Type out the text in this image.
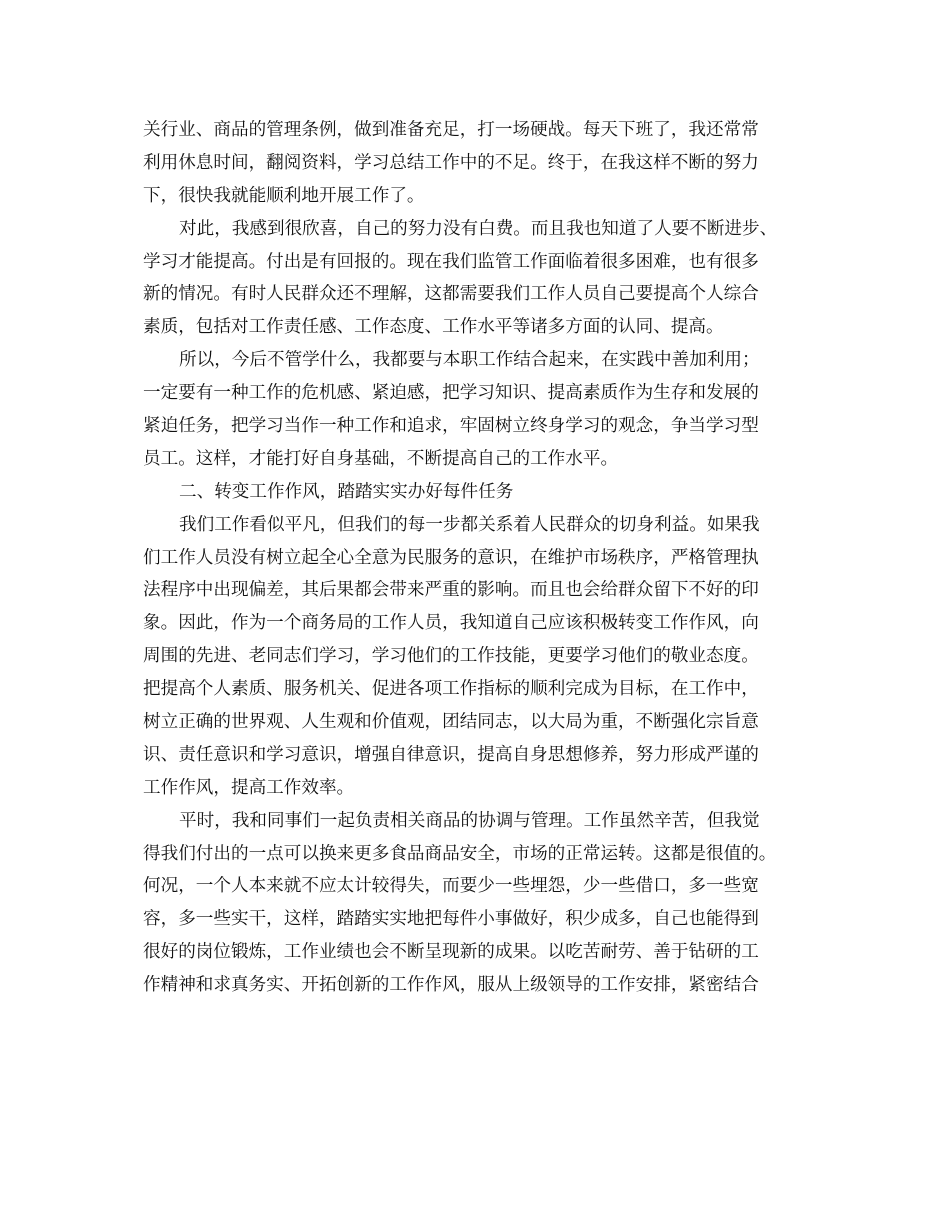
关行业、商品的管理条例，做到准备充足，打一场硬战。每天下班了，我还常常
利用休息时间，翻阅资料，学习总结工作中的不足。终于，在我这样不断的努力
下，很快我就能顺利地开展工作了。
对此，我感到很欣喜，自己的努力没有白费。而且我也知道了人要不断进步、
学习才能提高。付出是有回报的。现在我们监管工作面临着很多困难，也有很多
新的情况。有时人民群众还不理解，这都需要我们工作人员自己要提高个人综合
素质，包括对工作责任感、工作态度、工作水平等诸多方面的认同、提高。
所以，今后不管学什么，我都要与本职工作结合起来，在实践中善加利用；
一定要有一种工作的危机感、紧迫感，把学习知识、提高素质作为生存和发展的
紧迫任务，把学习当作一种工作和追求，牢固树立终身学习的观念，争当学习型
员工。这样，才能打好自身基础，不断提高自己的工作水平。
二、转变工作作风，踏踏实实办好每件任务
我们工作看似平凡，但我们的每一步都关系着人民群众的切身利益。如果我
们工作人员没有树立起全心全意为民服务的意识，在维护市场秩序，严格管理执
法程序中出现偏差，其后果都会带来严重的影响。而且也会给群众留下不好的印
象。因此，作为一个商务局的工作人员，我知道自己应该积极转变工作作风，向
周围的先进、老同志们学习，学习他们的工作技能，更要学习他们的敬业态度。
把提高个人素质、服务机关、促进各项工作指标的顺利完成为目标，在工作中，
树立正确的世界观、人生观和价值观，团结同志，以大局为重，不断强化宗旨意
识、责任意识和学习意识，增强自律意识，提高自身思想修养，努力形成严谨的
工作作风，提高工作效率。
平时，我和同事们一起负责相关商品的协调与管理。工作虽然辛苦，但我觉
得我们付出的一点可以换来更多食品商品安全，市场的正常运转。这都是很值的。
何况，一个人本来就不应太计较得失，而要少一些埋怨，少一些借口，多一些宽
容，多一些实干，这样，踏踏实实地把每件小事做好，积少成多，自己也能得到
很好的岗位锻炼，工作业绩也会不断呈现新的成果。以吃苦耐劳、善于钻研的工
作精神和求真务实、开拓创新的工作作风，服从上级领导的工作安排，紧密结合
